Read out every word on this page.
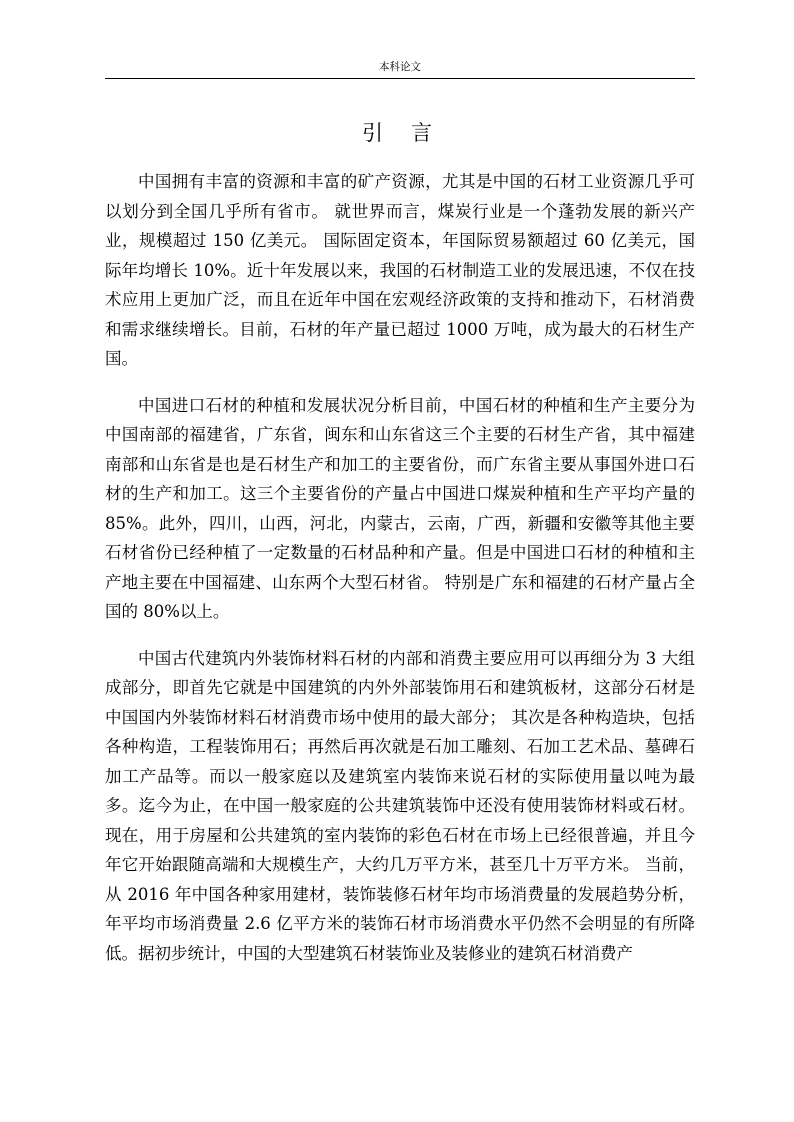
本科论文
引言

中国拥有丰富的资源和丰富的矿产资源，尤其是中国的石材工业资源几乎可以划分到全国几乎所有省市。 就世界而言，煤炭行业是一个蓬勃发展的新兴产业，规模超过 150 亿美元。 国际固定资本，年国际贸易额超过 60 亿美元，国际年均增长 10%。近十年发展以来，我国的石材制造工业的发展迅速，不仅在技术应用上更加广泛，而且在近年中国在宏观经济政策的支持和推动下，石材消费和需求继续增长。目前，石材的年产量已超过 1000 万吨，成为最大的石材生产国。

中国进口石材的种植和发展状况分析目前，中国石材的种植和生产主要分为中国南部的福建省，广东省，闽东和山东省这三个主要的石材生产省，其中福建南部和山东省是也是石材生产和加工的主要省份，而广东省主要从事国外进口石材的生产和加工。这三个主要省份的产量占中国进口煤炭种植和生产平均产量的 85%。此外，四川，山西，河北，内蒙古，云南，广西，新疆和安徽等其他主要石材省份已经种植了一定数量的石材品种和产量。但是中国进口石材的种植和主产地主要在中国福建、山东两个大型石材省。 特别是广东和福建的石材产量占全国的 80%以上。

中国古代建筑内外装饰材料石材的内部和消费主要应用可以再细分为 3 大组成部分，即首先它就是中国建筑的内外外部装饰用石和建筑板材，这部分石材是中国国内外装饰材料石材消费市场中使用的最大部分； 其次是各种构造块，包括各种构造，工程装饰用石；再然后再次就是石加工雕刻、石加工艺术品、墓碑石加工产品等。而以一般家庭以及建筑室内装饰来说石材的实际使用量以吨为最多。迄今为止，在中国一般家庭的公共建筑装饰中还没有使用装饰材料或石材。 现在，用于房屋和公共建筑的室内装饰的彩色石材在市场上已经很普遍，并且今年它开始跟随高端和大规模生产，大约几万平方米，甚至几十万平方米。 当前，从 2016 年中国各种家用建材，装饰装修石材年均市场消费量的发展趋势分析，年平均市场消费量 2.6 亿平方米的装饰石材市场消费水平仍然不会明显的有所降低。据初步统计，中国的大型建筑石材装饰业及装修业的建筑石材消费产
